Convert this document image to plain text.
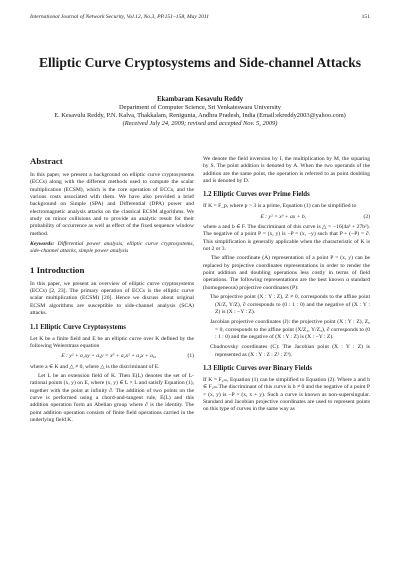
International Journal of Network Security, Vol.12, No.3, PP.151–158, May 2011	151
Elliptic Curve Cryptosystems and Side-channel Attacks
Ekambaram Kesavulu Reddy
Department of Computer Science, Sri Venkateswara University
E. Kesavulu Reddy, P.N. Kalva, Thakkalam, Renigunta, Andhra Pradesh, India (Email:ekreddy2003@yahoo.com)
(Received July 24, 2009; revised and accepted Nov. 5, 2009)
Abstract

In this paper, we present a background on elliptic curve cryptosystems (ECCs) along with the different methods used to compute the scalar multiplication (ECSM), which is the core operation of ECCs, and the various costs associated with them. We have also provided a brief background on Simple (SPA) and Differential (DPA) power and electromagnetic analysis attacks on the classical ECSM algorithms. We study on minor collisions and to provide an analytic result for their probability of occurrence as well as effect of the fixed sequence window method.

Keywords: Differential power analysis, elliptic curve cryptosystems, side-channel attacks, simple power analysis

1 Introduction

In this paper, we present an overview of elliptic curve cryptosystems (ECCs) [2, 23]. The primary operation of ECCs is the elliptic curve scalar multiplication (ECSM) [26]. Hence we discuss about original ECSM algorithms are susceptible to side-channel analysis (SCA) attacks.

1.1 Elliptic Curve Cryptosystems

Let K be a finite field and E be an elliptic curve over K defined by the following Weierstrass equation

E : y² + a₁xy + a₃y = x³ + a₂x² + a₄x + a₆,	(1)

where a ∈ K and △ ≠ 0, where △ is the discriminant of E.

Let L be an extension field of K. Then E(L) denotes the set of L-rational points (x, y) on E, where (x, y) ∈ L × L and satisfy Equation (1), together with the point at infinity ∂. The addition of two points on the curve is performed using a chord-and-tangent rule, E(L) and this addition operation form an Abelian group where ∂ is the identity. The point addition operation consists of finite field operations carried in the underlying field K.

We denote the field inversion by I, the multiplication by M, the squaring by S. The point addition is denoted by A. When the two operands of the addition are the same point, the operation is referred to as point doubling and is denoted by D.

1.2 Elliptic Curves over Prime Fields

If K = F_p, where p > 3 is a prime, Equation (1) can be simplified to

E : y² = x³ + ax + b,	(2)

where a and b ∈ F. The discriminant of this curve is △ = −16(4a³ + 27b²). The negative of a point P = (x, y) is −P = (x, −y) such that P + (−P) = ∂. This simplification is generally applicable when the characteristic of K is not 2 or 3.

The affine coordinate (A) representation of a point P = (x, y) can be replaced by projective coordinates representations in order to render the point addition and doubling operations less costly in terms of field operations. The following representations are the best known α standard (homogeneous) projective coordinates (P):

The projective point (X : Y : Z), Z ≠ 0, corresponds to the affine point (X/Z, Y/Z), ∂ corresponds to (0 : 1 : 0) and the negative of (X : Y : Z) is (X : −Y : Z).

Jacobian projective coordinates (J): the projective point (X : Y : Z), Z₀ = 0, corresponds to the affine point (X/Z₂, Y/Z₃), ∂ corresponds to (0 : 1 : 0) and the negative of (X : Y : Z) is (X : −Y : Z).

Chudnovsky coordinates (C): The Jacobian point (X : Y : Z) is represented as (X : Y : Z : Z² : Z³).

1.3 Elliptic Curves over Binary Fields

If K = F₂ₘ, Equation (1) can be simplified to Equation (2). Where a and b ∈ F₂ₘ.The discriminant of this curve is b ≠ 0 and the negative of a point P = (x, y) is −P = (x, x + y). Such a curve is known as non-supersingular. Standard and Jacobian projective coordinates are used to represent points on this type of curves in the same way as
